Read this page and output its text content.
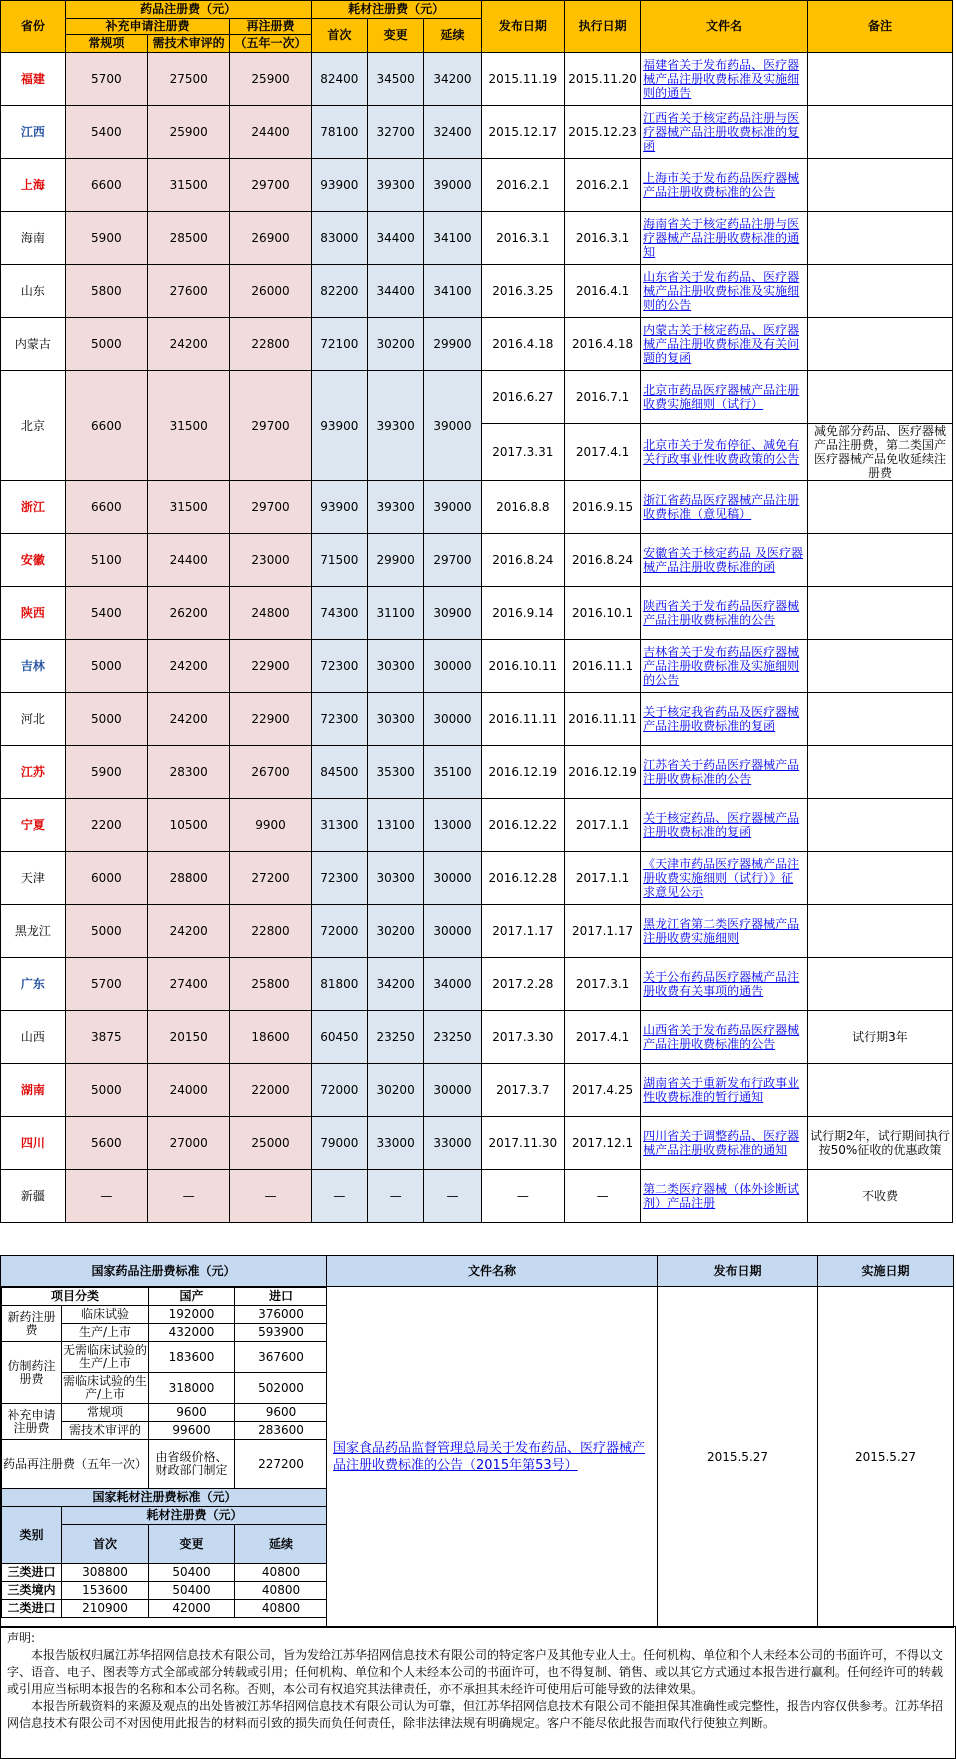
省份	药品注册费（元）			耗材注册费（元）			发布日期	执行日期	文件名	备注
	补充申请注册费		再注册费	首次	变更	延续				
	常规项	需技术审评的	（五年一次）							
福建	5700	27500	25900	82400	34500	34200	2015.11.19	2015.11.20	福建省关于发布药品、医疗器械产品注册收费标准及实施细则的通告	
江西	5400	25900	24400	78100	32700	32400	2015.12.17	2015.12.23	江西省关于核定药品注册与医疗器械产品注册收费标准的复函	
上海	6600	31500	29700	93900	39300	39000	2016.2.1	2016.2.1	上海市关于发布药品医疗器械产品注册收费标准的公告	
海南	5900	28500	26900	83000	34400	34100	2016.3.1	2016.3.1	海南省关于核定药品注册与医疗器械产品注册收费标准的通知	
山东	5800	27600	26000	82200	34400	34100	2016.3.25	2016.4.1	山东省关于发布药品、医疗器械产品注册收费标准及实施细则的公告	
内蒙古	5000	24200	22800	72100	30200	29900	2016.4.18	2016.4.18	内蒙古关于核定药品、医疗器械产品注册收费标准及有关问题的复函	
北京	6600	31500	29700	93900	39300	39000	2016.6.27	2016.7.1	北京市药品医疗器械产品注册收费实施细则（试行）	
							2017.3.31	2017.4.1	北京市关于发布停征、减免有关行政事业性收费政策的公告	减免部分药品、医疗器械产品注册费，第二类国产医疗器械产品免收延续注册费
浙江	6600	31500	29700	93900	39300	39000	2016.8.8	2016.9.15	浙江省药品医疗器械产品注册收费标准（意见稿）	
安徽	5100	24400	23000	71500	29900	29700	2016.8.24	2016.8.24	安徽省关于核定药品 及医疗器械产品注册收费标准的函	
陕西	5400	26200	24800	74300	31100	30900	2016.9.14	2016.10.1	陕西省关于发布药品医疗器械产品注册收费标准的公告	
吉林	5000	24200	22900	72300	30300	30000	2016.10.11	2016.11.1	吉林省关于发布药品医疗器械产品注册收费标准及实施细则的公告	
河北	5000	24200	22900	72300	30300	30000	2016.11.11	2016.11.11	关于核定我省药品及医疗器械产品注册收费标准的复函	
江苏	5900	28300	26700	84500	35300	35100	2016.12.19	2016.12.19	江苏省关于药品医疗器械产品注册收费标准的公告	
宁夏	2200	10500	9900	31300	13100	13000	2016.12.22	2017.1.1	关于核定药品、医疗器械产品注册收费标准的复函	
天津	6000	28800	27200	72300	30300	30000	2016.12.28	2017.1.1	《天津市药品医疗器械产品注册收费实施细则（试行）》征求意见公示	
黑龙江	5000	24200	22800	72000	30200	30000	2017.1.17	2017.1.17	黑龙江省第二类医疗器械产品注册收费实施细则	
广东	5700	27400	25800	81800	34200	34000	2017.2.28	2017.3.1	关于公布药品医疗器械产品注册收费有关事项的通告	
山西	3875	20150	18600	60450	23250	23250	2017.3.30	2017.4.1	山西省关于发布药品医疗器械产品注册收费标准的公告	试行期3年
湖南	5000	24000	22000	72000	30200	30000	2017.3.7	2017.4.25	湖南省关于重新发布行政事业性收费标准的暂行通知	
四川	5600	27000	25000	79000	33000	33000	2017.11.30	2017.12.1	四川省关于调整药品、医疗器械产品注册收费标准的通知	试行期2年，试行期间执行按50%征收的优惠政策
新疆	—	—	—	—	—	—	—	—	第二类医疗器械（体外诊断试剂）产品注册	不收费
国家药品注册费标准（元）	文件名称	发布日期	实施日期

项目分类	国产	进口
新药注册费	临床试验	192000	376000
生产/上市	432000	593900
仿制药注册费	无需临床试验的生产/上市	183600	367600
需临床试验的生产/上市	318000	502000
补充申请注册费	常规项	9600	9600
需技术审评的	99600	283600
药品再注册费（五年一次）	由省级价格、财政部门制定	227200
国家耗材注册费标准（元）
类别	耗材注册费（元）
首次	变更	延续
三类进口	308800	50400	40800
三类境内	153600	50400	40800
二类进口	210900	42000	40800
	国家食品药品监督管理总局关于发布药品、医疗器械产品注册收费标准的公告（2015年第53号）	2015.5.27	2015.5.27
声明:

本报告版权归属江苏华招网信息技术有限公司，旨为发给江苏华招网信息技术有限公司的特定客户及其他专业人士。任何机构、单位和个人未经本公司的书面许可，不得以文字、语音、电子、图表等方式全部或部分转载或引用；任何机构、单位和个人未经本公司的书面许可，也不得复制、销售、或以其它方式通过本报告进行赢利。任何经许可的转载或引用应当标明本报告的名称和本公司名称。否则，本公司有权追究其法律责任，亦不承担其未经许可使用后可能导致的法律效果。

本报告所载资料的来源及观点的出处皆被江苏华招网信息技术有限公司认为可靠，但江苏华招网信息技术有限公司不能担保其准确性或完整性，报告内容仅供参考。江苏华招网信息技术有限公司不对因使用此报告的材料而引致的损失而负任何责任，除非法律法规有明确规定。客户不能尽依此报告而取代行使独立判断。
